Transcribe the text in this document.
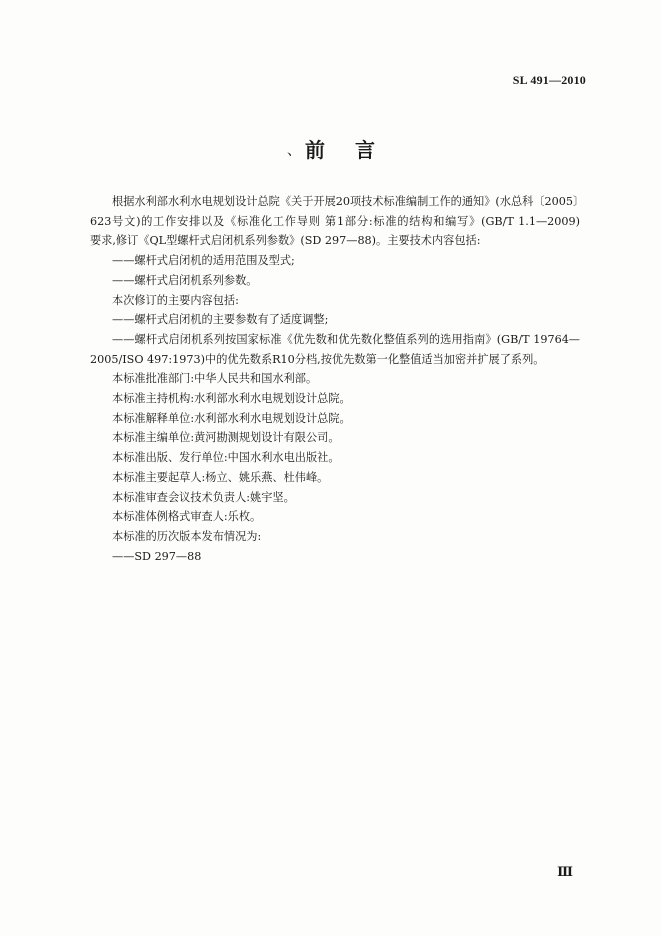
SL 491—2010
、 前言

根据水利部水利水电规划设计总院《关于开展20项技术标准编制工作的通知》(水总科〔2005〕

623号文)的工作安排以及《标准化工作导则 第1部分:标准的结构和编写》(GB/T 1.1—2009)

要求,修订《QL型螺杆式启闭机系列参数》(SD 297—88)。主要技术内容包括:

——螺杆式启闭机的适用范围及型式;

——螺杆式启闭机系列参数。

本次修订的主要内容包括:

——螺杆式启闭机的主要参数有了适度调整;

——螺杆式启闭机系列按国家标准《优先数和优先数化整值系列的选用指南》(GB/T 19764—

2005/ISO 497:1973)中的优先数系R10分档,按优先数第一化整值适当加密并扩展了系列。

本标准批准部门:中华人民共和国水利部。

本标准主持机构:水利部水利水电规划设计总院。

本标准解释单位:水利部水利水电规划设计总院。

本标准主编单位:黄河勘测规划设计有限公司。

本标准出版、发行单位:中国水利水电出版社。

本标准主要起草人:杨立、姚乐燕、杜伟峰。

本标准审查会议技术负责人:姚宇坚。

本标准体例格式审查人:乐枚。

本标准的历次版本发布情况为:

——SD 297—88

Ⅲ
